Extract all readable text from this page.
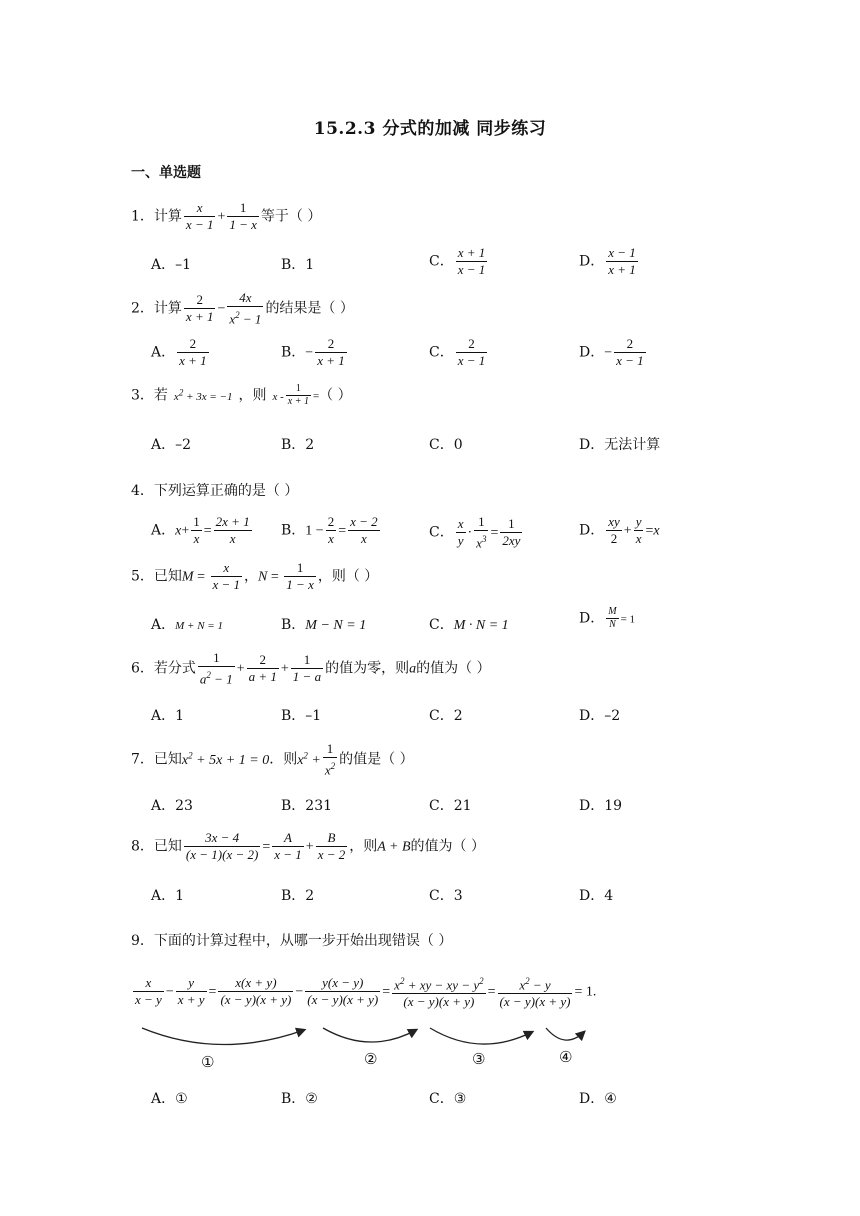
15.2.3 分式的加减 同步练习
一、单选题
1．计算 $\frac{x}{x - 1} + \frac{1}{1 - x}$ 等于（ ）
A．–1	B．1	C． $\frac{x + 1}{x - 1}$	D． $\frac{x - 1}{x + 1}$
2．计算 $\frac{2}{x + 1} - \frac{4x}{x^2 - 1}$ 的结果是（ ）
A． $\frac{2}{x + 1}$	B．− $\frac{2}{x + 1}$	C． $\frac{2}{x - 1}$	D．− $\frac{2}{x - 1}$
3．若 $x^2 + 3x = -1$ ，则 x - $\frac{1}{x + 1}$ =（ ）
A．–2	B．2	C．0	D．无法计算
4．下列运算正确的是（ ）
A．$x+ \frac{1}{x} = \frac{2x + 1}{x}$ B．$1 - \frac{2}{x} = \frac{x - 2}{x}$	C． $\frac{x}{y} \cdot \frac{1}{x^3} = \frac{1}{2xy}$	D． $\frac{xy}{2} + \frac{y}{x} =x$
5．已知$M = \frac{x}{x - 1}$ ，$N = \frac{1}{1 - x}$ ，则（ ）
A．M + N = 1	B．M − N = 1	C．M · N = 1	D． $\frac{M}{N} = 1$
6．若分式 $\frac{1}{a^2 - 1} + \frac{2}{a + 1} + \frac{1}{1 - a}$ 的值为零，则a的值为（ ）
A．1	B．–1	C．2	D．–2
7．已知$x^2 + 5x + 1 = 0$．则$x^2 + \frac{1}{x^2}$ 的值是（ ）
A．23	B．231	C．21	D．19
8．已知 $\frac{3x - 4}{(x - 1)(x - 2)} = \frac{A}{x - 1} + \frac{B}{x - 2}$ ，则A + B的值为（ ）
A．1	B．2	C．3	D．4
9．下面的计算过程中，从哪一步开始出现错误（ ）
$\frac{x}{x - y} - \frac{y}{x + y} = \frac{x(x + y)}{(x - y)(x + y)} - \frac{y(x - y)}{(x - y)(x + y)} = \frac{x^2 + xy - xy - y^2}{(x - y)(x + y)} = \frac{x^2 - y}{(x - y)(x + y)} = 1$.
①	②	③	④
A．①	B．②	C．③	D．④
